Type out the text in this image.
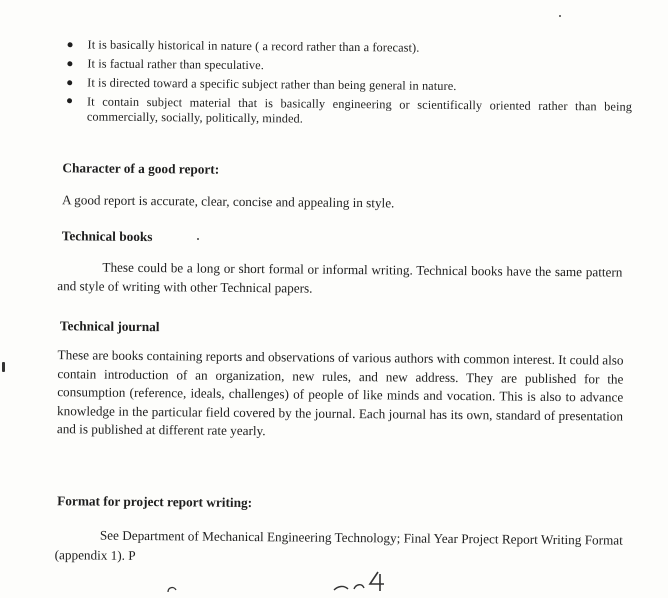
It is basically historical in nature ( a record rather than a forecast).
It is factual rather than speculative.
It is directed toward a specific subject rather than being general in nature.
It contain subject material that is basically engineering or scientifically oriented rather than being commercially, socially, politically, minded.
Character of a good report:
A good report is accurate, clear, concise and appealing in style.
Technical books
These could be a long or short formal or informal writing. Technical books have the same pattern and style of writing with other Technical papers.
Technical journal
These are books containing reports and observations of various authors with common interest. It could also contain introduction of an organization, new rules, and new address. They are published for the consumption (reference, ideals, challenges) of people of like minds and vocation. This is also to advance knowledge in the particular field covered by the journal. Each journal has its own, standard of presentation and is published at different rate yearly.
Format for project report writing:
See Department of Mechanical Engineering Technology; Final Year Project Report Writing Format (appendix 1). P
